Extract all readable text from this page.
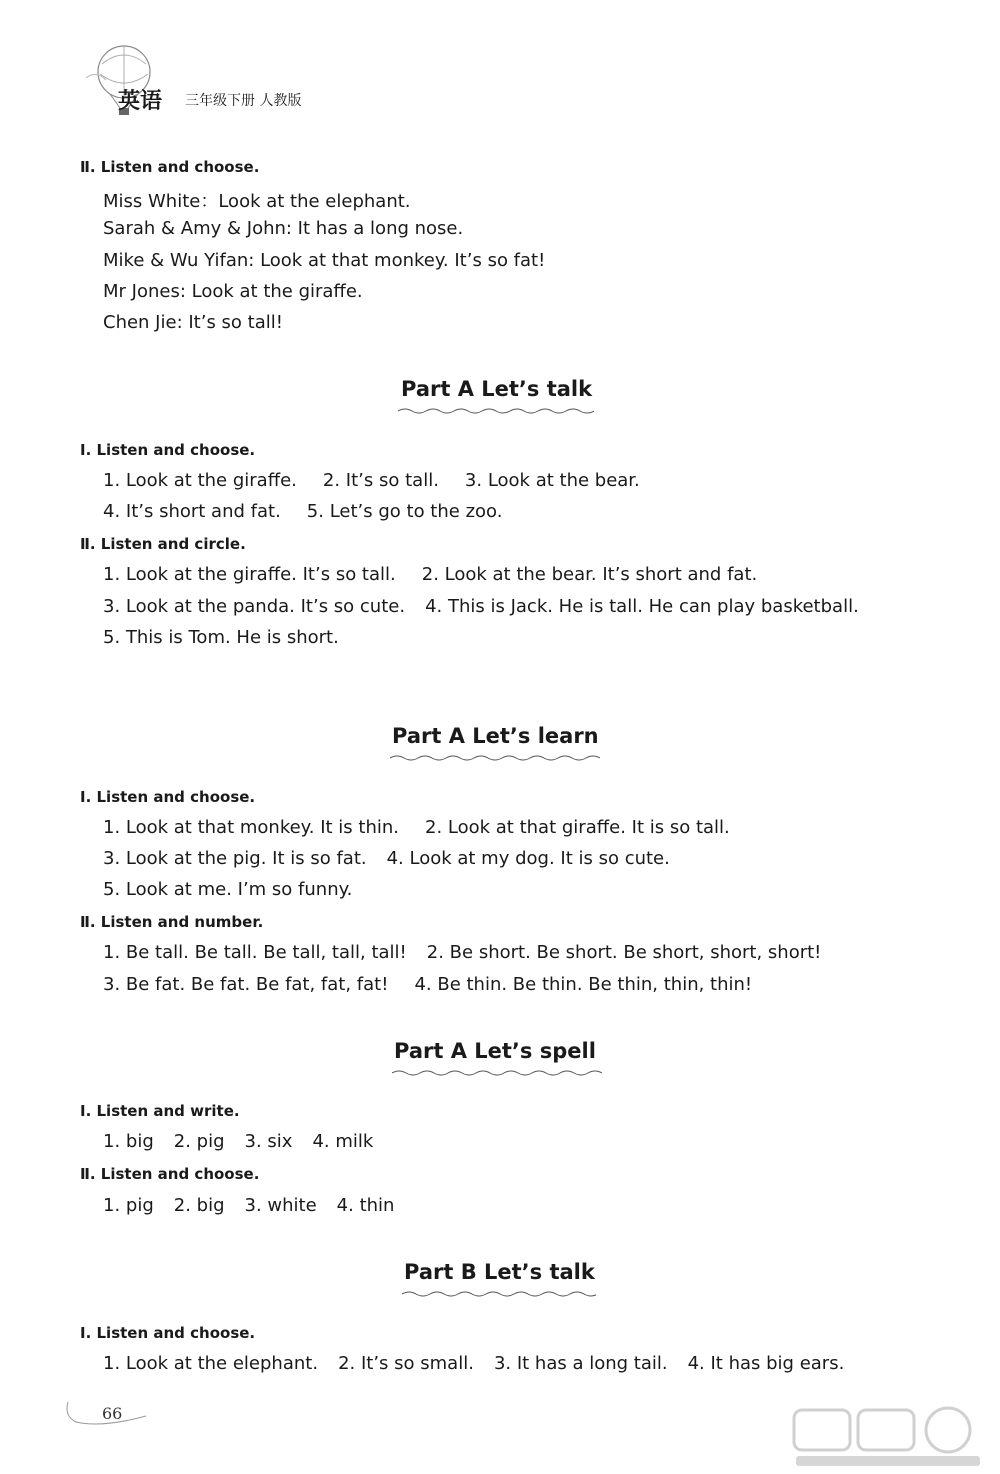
英语 三年级下册 人教版
Ⅱ. Listen and choose.
Miss White：Look at the elephant.
Sarah & Amy & John: It has a long nose.
Mike & Wu Yifan: Look at that monkey. It’s so fat!
Mr Jones: Look at the giraffe.
Chen Jie: It’s so tall!
Part A Let’s talk
Ⅰ. Listen and choose.
1. Look at the giraffe. 2. It’s so tall. 3. Look at the bear.
4. It’s short and fat. 5. Let’s go to the zoo.
Ⅱ. Listen and circle.
1. Look at the giraffe. It’s so tall. 2. Look at the bear. It’s short and fat.
3. Look at the panda. It’s so cute. 4. This is Jack. He is tall. He can play basketball.
5. This is Tom. He is short.
Part A Let’s learn
Ⅰ. Listen and choose.
1. Look at that monkey. It is thin. 2. Look at that giraffe. It is so tall.
3. Look at the pig. It is so fat. 4. Look at my dog. It is so cute.
5. Look at me. I’m so funny.
Ⅱ. Listen and number.
1. Be tall. Be tall. Be tall, tall, tall! 2. Be short. Be short. Be short, short, short!
3. Be fat. Be fat. Be fat, fat, fat! 4. Be thin. Be thin. Be thin, thin, thin!
Part A Let’s spell
Ⅰ. Listen and write.
1. big 2. pig 3. six 4. milk
Ⅱ. Listen and choose.
1. pig 2. big 3. white 4. thin
Part B Let’s talk
Ⅰ. Listen and choose.
1. Look at the elephant. 2. It’s so small. 3. It has a long tail. 4. It has big ears.
66
